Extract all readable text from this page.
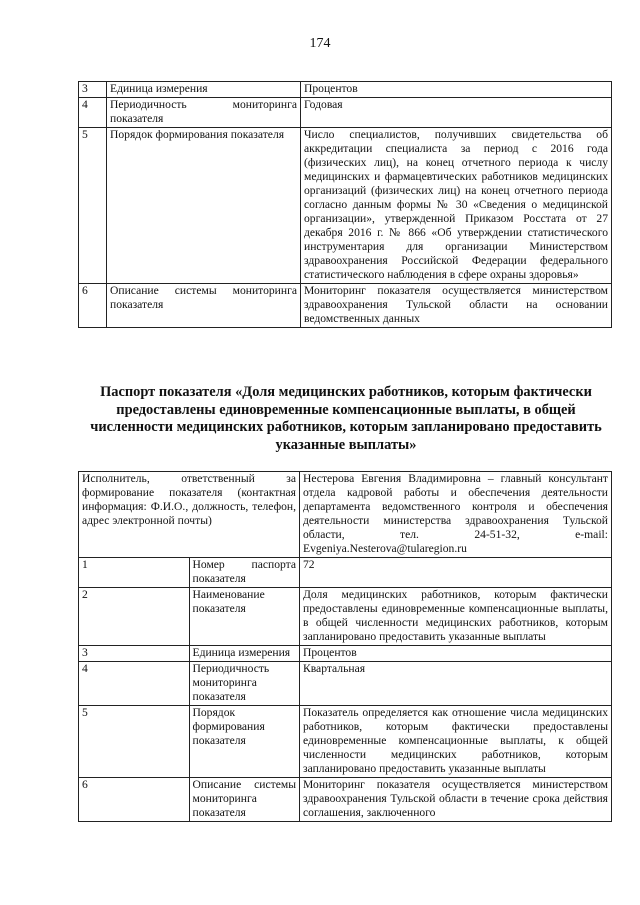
174
3	Единица измерения	Процентов
4	Периодичность мониторинга показателя	Годовая
5	Порядок формирования показателя	Число специалистов, получивших свидетельства об аккредитации специалиста за период с 2016 года (физических лиц), на конец отчетного периода к числу медицинских и фармацевтических работников медицинских организаций (физических лиц) на конец отчетного периода согласно данным формы № 30 «Сведения о медицинской организации», утвержденной Приказом Росстата от 27 декабря 2016 г. № 866 «Об утверждении статистического инструментария для организации Министерством здравоохранения Российской Федерации федерального статистического наблюдения в сфере охраны здоровья»
6	Описание системы мониторинга показателя	Мониторинг показателя осуществляется министерством здравоохранения Тульской области на основании ведомственных данных
Паспорт показателя «Доля медицинских работников, которым фактически предоставлены единовременные компенсационные выплаты, в общей численности медицинских работников, которым запланировано предоставить указанные выплаты»
Исполнитель, ответственный за формирование показателя (контактная информация: Ф.И.О., должность, телефон, адрес электронной почты)		Нестерова Евгения Владимировна – главный консультант отдела кадровой работы и обеспечения деятельности департамента ведомственного контроля и обеспечения деятельности министерства здравоохранения Тульской области, тел. 24-51-32, e-mail: Evgeniya.Nesterova@tularegion.ru
1	Номер паспорта показателя	72
2	Наименование показателя	Доля медицинских работников, которым фактически предоставлены единовременные компенсационные выплаты, в общей численности медицинских работников, которым запланировано предоставить указанные выплаты
3	Единица измерения	Процентов
4	Периодичность мониторинга показателя	Квартальная
5	Порядок формирования показателя	Показатель определяется как отношение числа медицинских работников, которым фактически предоставлены единовременные компенсационные выплаты, к общей численности медицинских работников, которым запланировано предоставить указанные выплаты
6	Описание системы мониторинга показателя	Мониторинг показателя осуществляется министерством здравоохранения Тульской области в течение срока действия соглашения, заключенного
